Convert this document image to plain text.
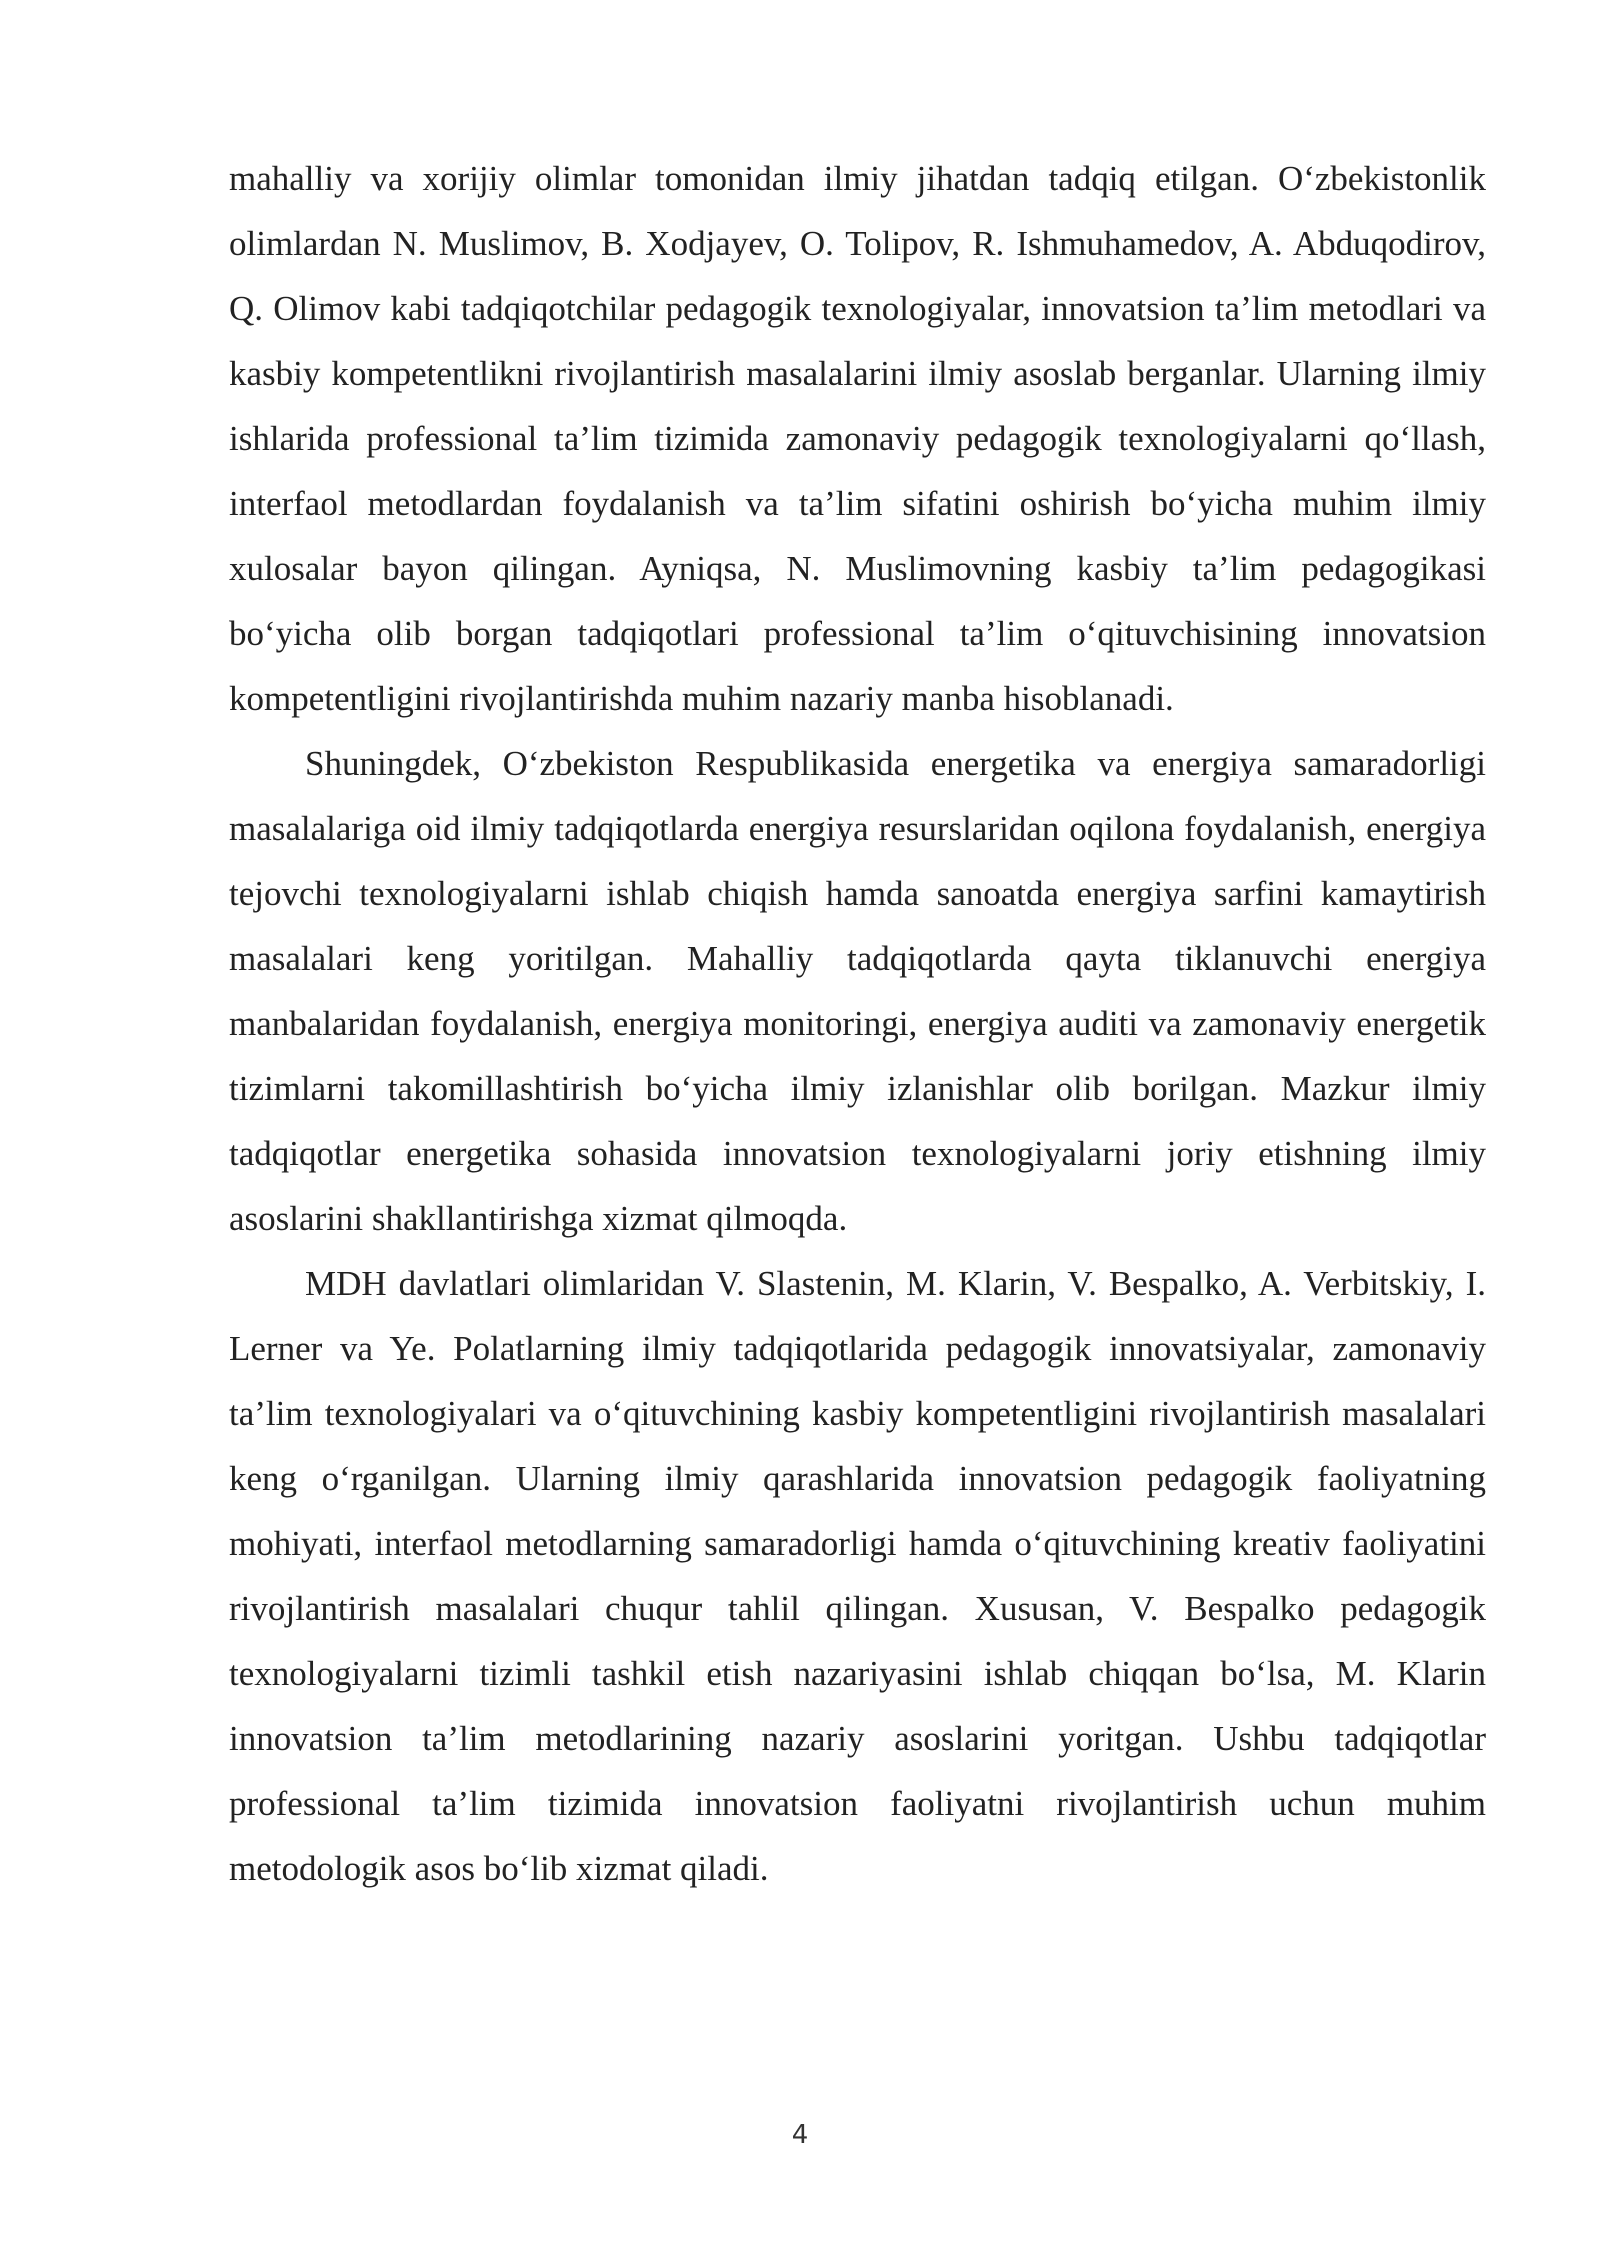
mahalliy va xorijiy olimlar tomonidan ilmiy jihatdan tadqiq etilgan. O‘zbekistonlik olimlardan N. Muslimov, B. Xodjayev, O. Tolipov, R. Ishmuhamedov, A. Abduqodirov, Q. Olimov kabi tadqiqotchilar pedagogik texnologiyalar, innovatsion ta’lim metodlari va kasbiy kompetentlikni rivojlantirish masalalarini ilmiy asoslab berganlar. Ularning ilmiy ishlarida professional ta’lim tizimida zamonaviy pedagogik texnologiyalarni qo‘llash, interfaol metodlardan foydalanish va ta’lim sifatini oshirish bo‘yicha muhim ilmiy xulosalar bayon qilingan. Ayniqsa, N. Muslimovning kasbiy ta’lim pedagogikasi bo‘yicha olib borgan tadqiqotlari professional ta’lim o‘qituvchisining innovatsion kompetentligini rivojlantirishda muhim nazariy manba hisoblanadi.

Shuningdek, O‘zbekiston Respublikasida energetika va energiya samaradorligi masalalariga oid ilmiy tadqiqotlarda energiya resurslaridan oqilona foydalanish, energiya tejovchi texnologiyalarni ishlab chiqish hamda sanoatda energiya sarfini kamaytirish masalalari keng yoritilgan. Mahalliy tadqiqotlarda qayta tiklanuvchi energiya manbalaridan foydalanish, energiya monitoringi, energiya auditi va zamonaviy energetik tizimlarni takomillashtirish bo‘yicha ilmiy izlanishlar olib borilgan. Mazkur ilmiy tadqiqotlar energetika sohasida innovatsion texnologiyalarni joriy etishning ilmiy asoslarini shakllantirishga xizmat qilmoqda.

MDH davlatlari olimlaridan V. Slastenin, M. Klarin, V. Bespalko, A. Verbitskiy, I. Lerner va Ye. Polatlarning ilmiy tadqiqotlarida pedagogik innovatsiyalar, zamonaviy ta’lim texnologiyalari va o‘qituvchining kasbiy kompetentligini rivojlantirish masalalari keng o‘rganilgan. Ularning ilmiy qarashlarida innovatsion pedagogik faoliyatning mohiyati, interfaol metodlarning samaradorligi hamda o‘qituvchining kreativ faoliyatini rivojlantirish masalalari chuqur tahlil qilingan. Xususan, V. Bespalko pedagogik texnologiyalarni tizimli tashkil etish nazariyasini ishlab chiqqan bo‘lsa, M. Klarin innovatsion ta’lim metodlarining nazariy asoslarini yoritgan. Ushbu tadqiqotlar professional ta’lim tizimida innovatsion faoliyatni rivojlantirish uchun muhim metodologik asos bo‘lib xizmat qiladi.

4
